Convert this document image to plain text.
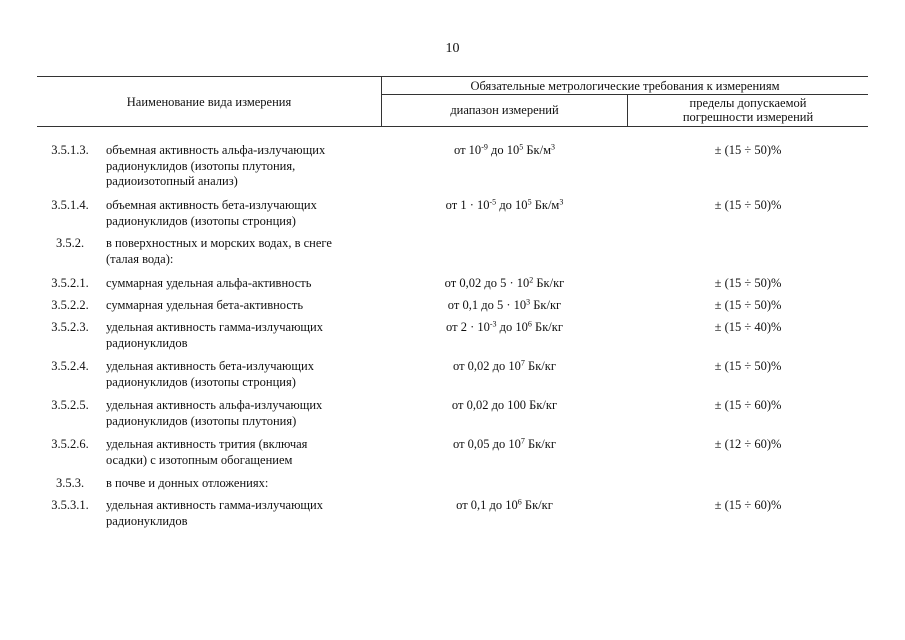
10
Наименование вида измерения
Обязательные метрологические требования к измерениям
диапазон измерений	пределы допускаемой
погрешности измерений
3.5.1.3.	объемная активность альфа-излучающих
радионуклидов (изотопы плутония,
радиоизотопный анализ)
от $10^{-9}$ до $10^5$ $Бк/м^3$	± (15 ÷ 50)%
3.5.1.4.	объемная активность бета-излучающих
радионуклидов (изотопы стронция)
от $1 \cdot 10^{-5}$ до $10^5$ $Бк/м^3$	± (15 ÷ 50)%
3.5.2.	в поверхностных и морских водах, в снеге
(талая вода):
3.5.2.1.	суммарная удельная альфа-активность	от 0,02 до $5 \cdot 10^2$ Бк/кг	± (15 ÷ 50)%
3.5.2.2.	суммарная удельная бета-активность	от 0,1 до $5 \cdot 10^3$ Бк/кг	± (15 ÷ 50)%
3.5.2.3.	удельная активность гамма-излучающих
радионуклидов
от $2 \cdot 10^{-3}$ до $10^6$ Бк/кг	± (15 ÷ 40)%
3.5.2.4.	удельная активность бета-излучающих
радионуклидов (изотопы стронция)
от 0,02 до $10^7$ Бк/кг	± (15 ÷ 50)%
3.5.2.5.	удельная активность альфа-излучающих
радионуклидов (изотопы плутония)
от 0,02 до 100 Бк/кг	± (15 ÷ 60)%
3.5.2.6.	удельная активность трития (включая
осадки) с изотопным обогащением
от 0,05 до $10^7$ Бк/кг	± (12 ÷ 60)%
3.5.3.	в почве и донных отложениях:
3.5.3.1.	удельная активность гамма-излучающих
радионуклидов
от 0,1 до $10^6$ Бк/кг	± (15 ÷ 60)%
